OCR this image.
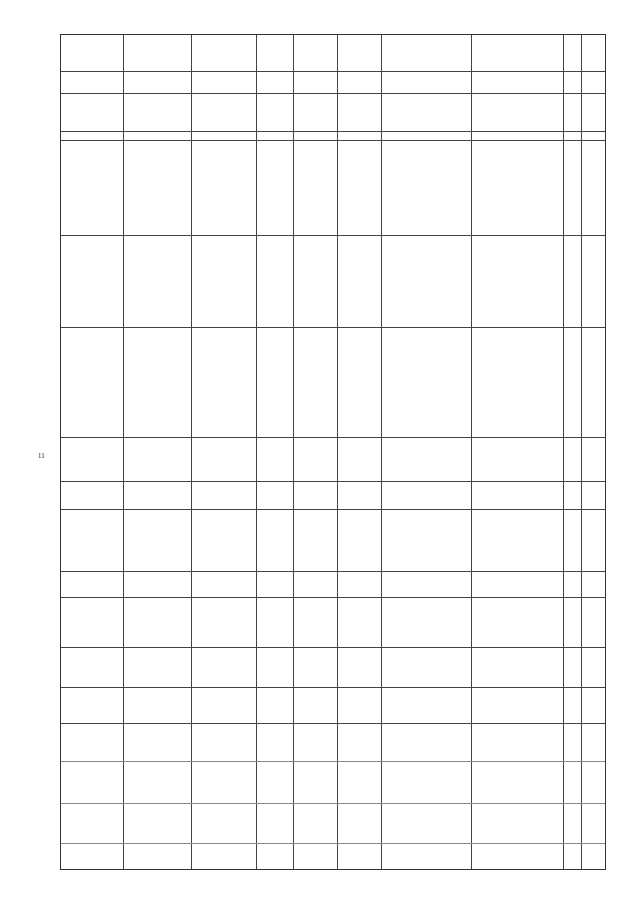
11
